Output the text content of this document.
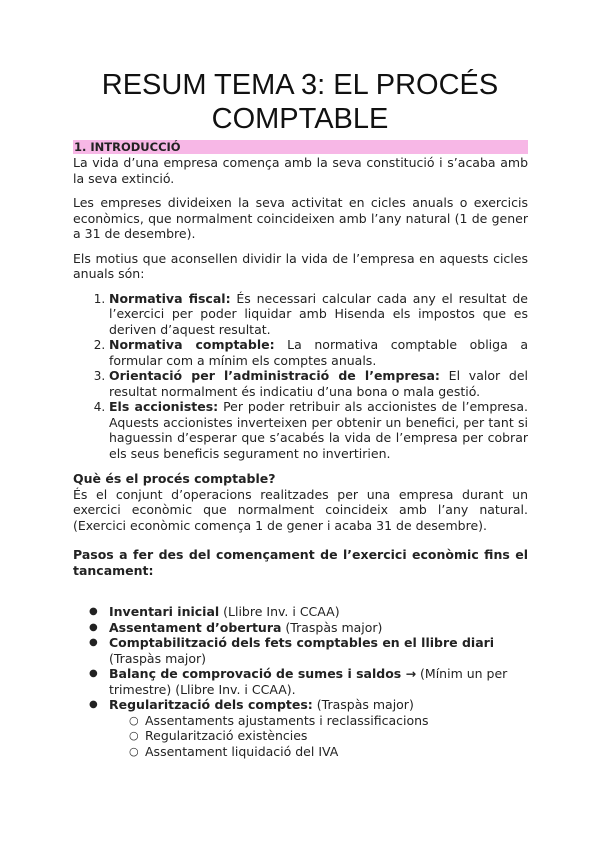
RESUM TEMA 3: EL PROCÉS COMPTABLE
1. INTRODUCCIÓ

La vida d’una empresa comença amb la seva constitució i s’acaba amb la seva extinció.

Les empreses divideixen la seva activitat en cicles anuals o exercicis econòmics, que normalment coincideixen amb l’any natural (1 de gener a 31 de desembre).

Els motius que aconsellen dividir la vida de l’empresa en aquests cicles anuals són:

1. Normativa fiscal: És necessari calcular cada any el resultat de l’exercici per poder liquidar amb Hisenda els impostos que es deriven d’aquest resultat.
2. Normativa comptable: La normativa comptable obliga a formular com a mínim els comptes anuals.
3. Orientació per l’administració de l’empresa: El valor del resultat normalment és indicatiu d’una bona o mala gestió.
4. Els accionistes: Per poder retribuir als accionistes de l’empresa. Aquests accionistes inverteixen per obtenir un benefici, per tant si haguessin d’esperar que s’acabés la vida de l’empresa per cobrar els seus beneficis segurament no invertirien.
Què és el procés comptable?

És el conjunt d’operacions realitzades per una empresa durant un exercici econòmic que normalment coincideix amb l’any natural. (Exercici econòmic comença 1 de gener i acaba 31 de desembre).

Pasos a fer des del començament de l’exercici econòmic fins el tancament:
● Inventari inicial (Llibre Inv. i CCAA)
● Assentament d’obertura (Traspàs major)
● Comptabilització dels fets comptables en el llibre diari (Traspàs major)
● Balanç de comprovació de sumes i saldos → (Mínim un per trimestre) (Llibre Inv. i CCAA).
● Regularització dels comptes: (Traspàs major)
○ Assentaments ajustaments i reclassificacions
○ Regularització existències
○ Assentament liquidació del IVA
